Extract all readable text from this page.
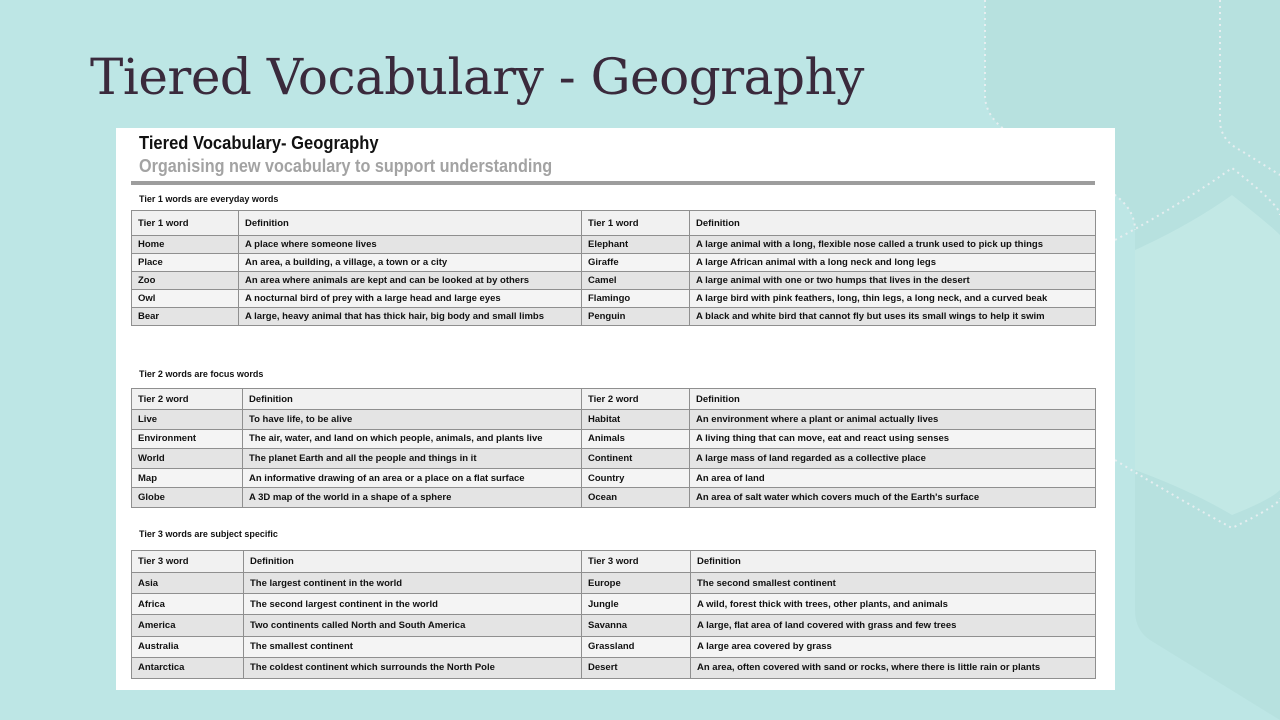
Tiered Vocabulary - Geography
Tiered Vocabulary- Geography
Organising new vocabulary to support understanding
Tier 1 words are everyday words
Tier 1 word	Definition	Tier 1 word	Definition
Home	A place where someone lives	Elephant	A large animal with a long, flexible nose called a trunk used to pick up things
Place	An area, a building, a village, a town or a city	Giraffe	A large African animal with a long neck and long legs
Zoo	An area where animals are kept and can be looked at by others	Camel	A large animal with one or two humps that lives in the desert
Owl	A nocturnal bird of prey with a large head and large eyes	Flamingo	A large bird with pink feathers, long, thin legs, a long neck, and a curved beak
Bear	A large, heavy animal that has thick hair, big body and small limbs	Penguin	A black and white bird that cannot fly but uses its small wings to help it swim
Tier 2 words are focus words
Tier 2 word	Definition	Tier 2 word	Definition
Live	To have life, to be alive	Habitat	An environment where a plant or animal actually lives
Environment	The air, water, and land on which people, animals, and plants live	Animals	A living thing that can move, eat and react using senses
World	The planet Earth and all the people and things in it	Continent	A large mass of land regarded as a collective place
Map	An informative drawing of an area or a place on a flat surface	Country	An area of land
Globe	A 3D map of the world in a shape of a sphere	Ocean	An area of salt water which covers much of the Earth's surface
Tier 3 words are subject specific
Tier 3 word	Definition	Tier 3 word	Definition
Asia	The largest continent in the world	Europe	The second smallest continent
Africa	The second largest continent in the world	Jungle	A wild, forest thick with trees, other plants, and animals
America	Two continents called North and South America	Savanna	A large, flat area of land covered with grass and few trees
Australia	The smallest continent	Grassland	A large area covered by grass
Antarctica	The coldest continent which surrounds the North Pole	Desert	An area, often covered with sand or rocks, where there is little rain or plants
